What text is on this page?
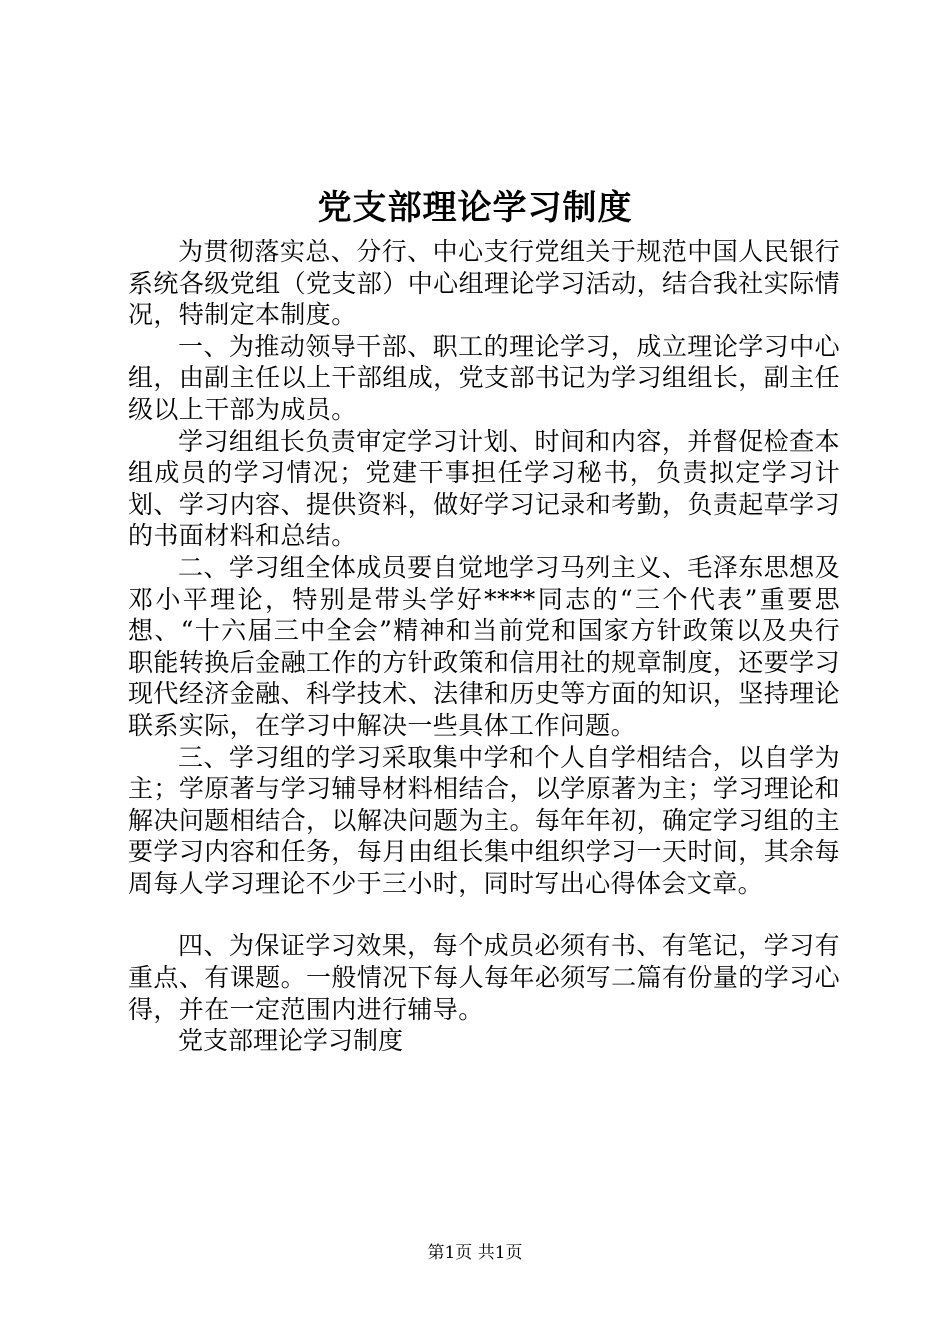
党支部理论学习制度

为贯彻落实总、分行、中心支行党组关于规范中国人民银行系统各级党组（党支部）中心组理论学习活动，结合我社实际情况，特制定本制度。

一、为推动领导干部、职工的理论学习，成立理论学习中心组，由副主任以上干部组成，党支部书记为学习组组长，副主任级以上干部为成员。

学习组组长负责审定学习计划、时间和内容，并督促检查本组成员的学习情况；党建干事担任学习秘书，负责拟定学习计划、学习内容、提供资料，做好学习记录和考勤，负责起草学习的书面材料和总结。

二、学习组全体成员要自觉地学习马列主义、毛泽东思想及邓小平理论，特别是带头学好****同志的“三个代表”重要思想、“十六届三中全会”精神和当前党和国家方针政策以及央行职能转换后金融工作的方针政策和信用社的规章制度，还要学习现代经济金融、科学技术、法律和历史等方面的知识，坚持理论联系实际，在学习中解决一些具体工作问题。

三、学习组的学习采取集中学和个人自学相结合，以自学为主；学原著与学习辅导材料相结合，以学原著为主；学习理论和解决问题相结合，以解决问题为主。每年年初，确定学习组的主要学习内容和任务，每月由组长集中组织学习一天时间，其余每周每人学习理论不少于三小时，同时写出心得体会文章。

四、为保证学习效果，每个成员必须有书、有笔记，学习有重点、有课题。一般情况下每人每年必须写二篇有份量的学习心得，并在一定范围内进行辅导。

党支部理论学习制度

第1页 共1页
